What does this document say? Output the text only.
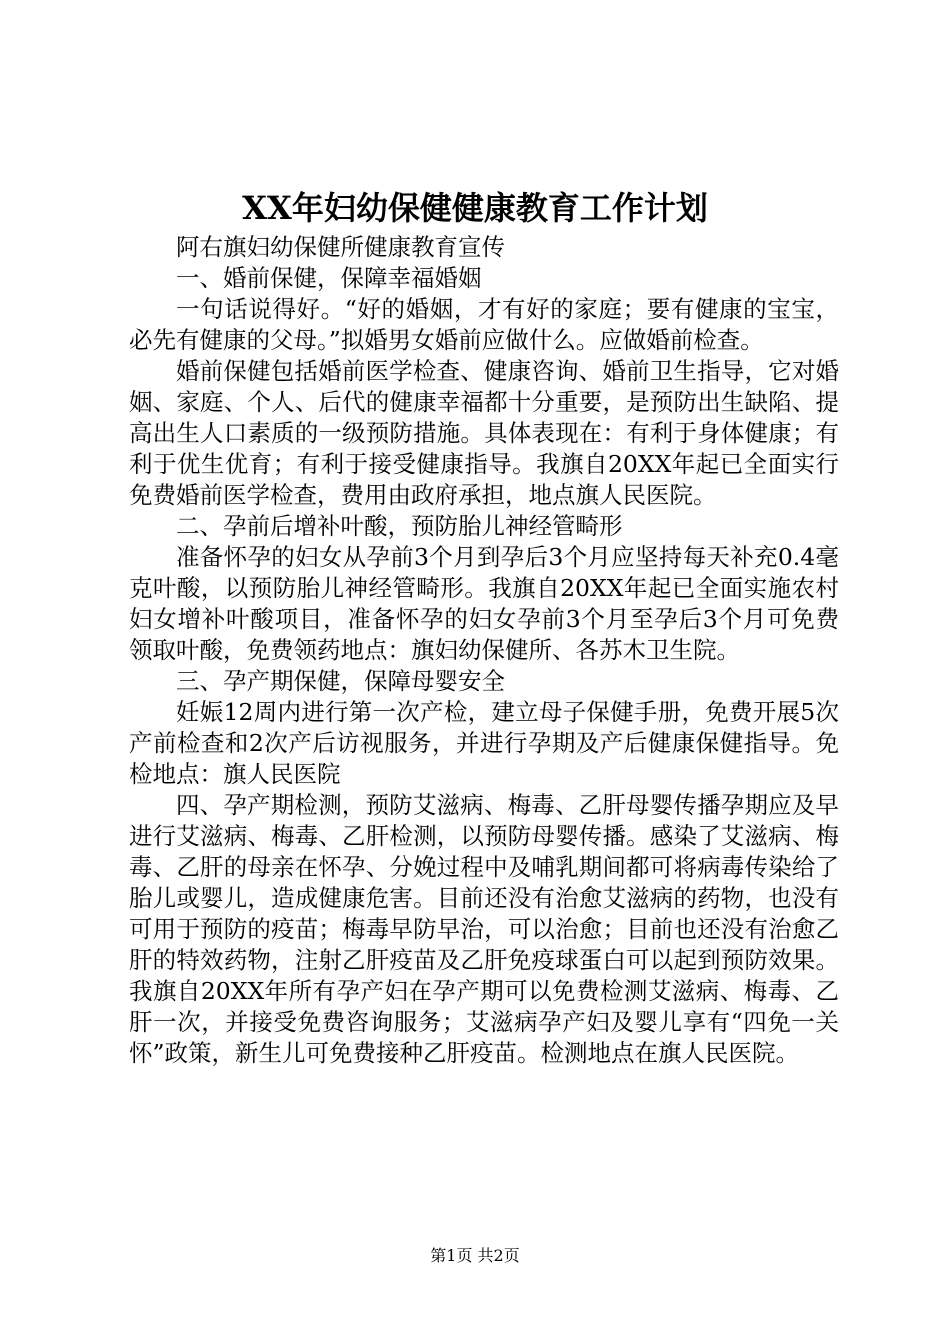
XX年妇幼保健健康教育工作计划

阿右旗妇幼保健所健康教育宣传

一、婚前保健，保障幸福婚姻

一句话说得好。“好的婚姻，才有好的家庭；要有健康的宝宝，必先有健康的父母。”拟婚男女婚前应做什么。应做婚前检查。

婚前保健包括婚前医学检查、健康咨询、婚前卫生指导，它对婚姻、家庭、个人、后代的健康幸福都十分重要，是预防出生缺陷、提高出生人口素质的一级预防措施。具体表现在：有利于身体健康；有利于优生优育；有利于接受健康指导。我旗自20XX年起已全面实行免费婚前医学检查，费用由政府承担，地点旗人民医院。

二、孕前后增补叶酸，预防胎儿神经管畸形

准备怀孕的妇女从孕前3个月到孕后3个月应坚持每天补充0.4毫克叶酸，以预防胎儿神经管畸形。我旗自20XX年起已全面实施农村妇女增补叶酸项目，准备怀孕的妇女孕前3个月至孕后3个月可免费领取叶酸，免费领药地点：旗妇幼保健所、各苏木卫生院。

三、孕产期保健，保障母婴安全

妊娠12周内进行第一次产检，建立母子保健手册，免费开展5次产前检查和2次产后访视服务，并进行孕期及产后健康保健指导。免检地点：旗人民医院

四、孕产期检测，预防艾滋病、梅毒、乙肝母婴传播孕期应及早进行艾滋病、梅毒、乙肝检测，以预防母婴传播。感染了艾滋病、梅毒、乙肝的母亲在怀孕、分娩过程中及哺乳期间都可将病毒传染给了胎儿或婴儿，造成健康危害。目前还没有治愈艾滋病的药物，也没有可用于预防的疫苗；梅毒早防早治，可以治愈；目前也还没有治愈乙肝的特效药物，注射乙肝疫苗及乙肝免疫球蛋白可以起到预防效果。我旗自20XX年所有孕产妇在孕产期可以免费检测艾滋病、梅毒、乙肝一次，并接受免费咨询服务；艾滋病孕产妇及婴儿享有“四免一关怀”政策，新生儿可免费接种乙肝疫苗。检测地点在旗人民医院。

第1页 共2页
